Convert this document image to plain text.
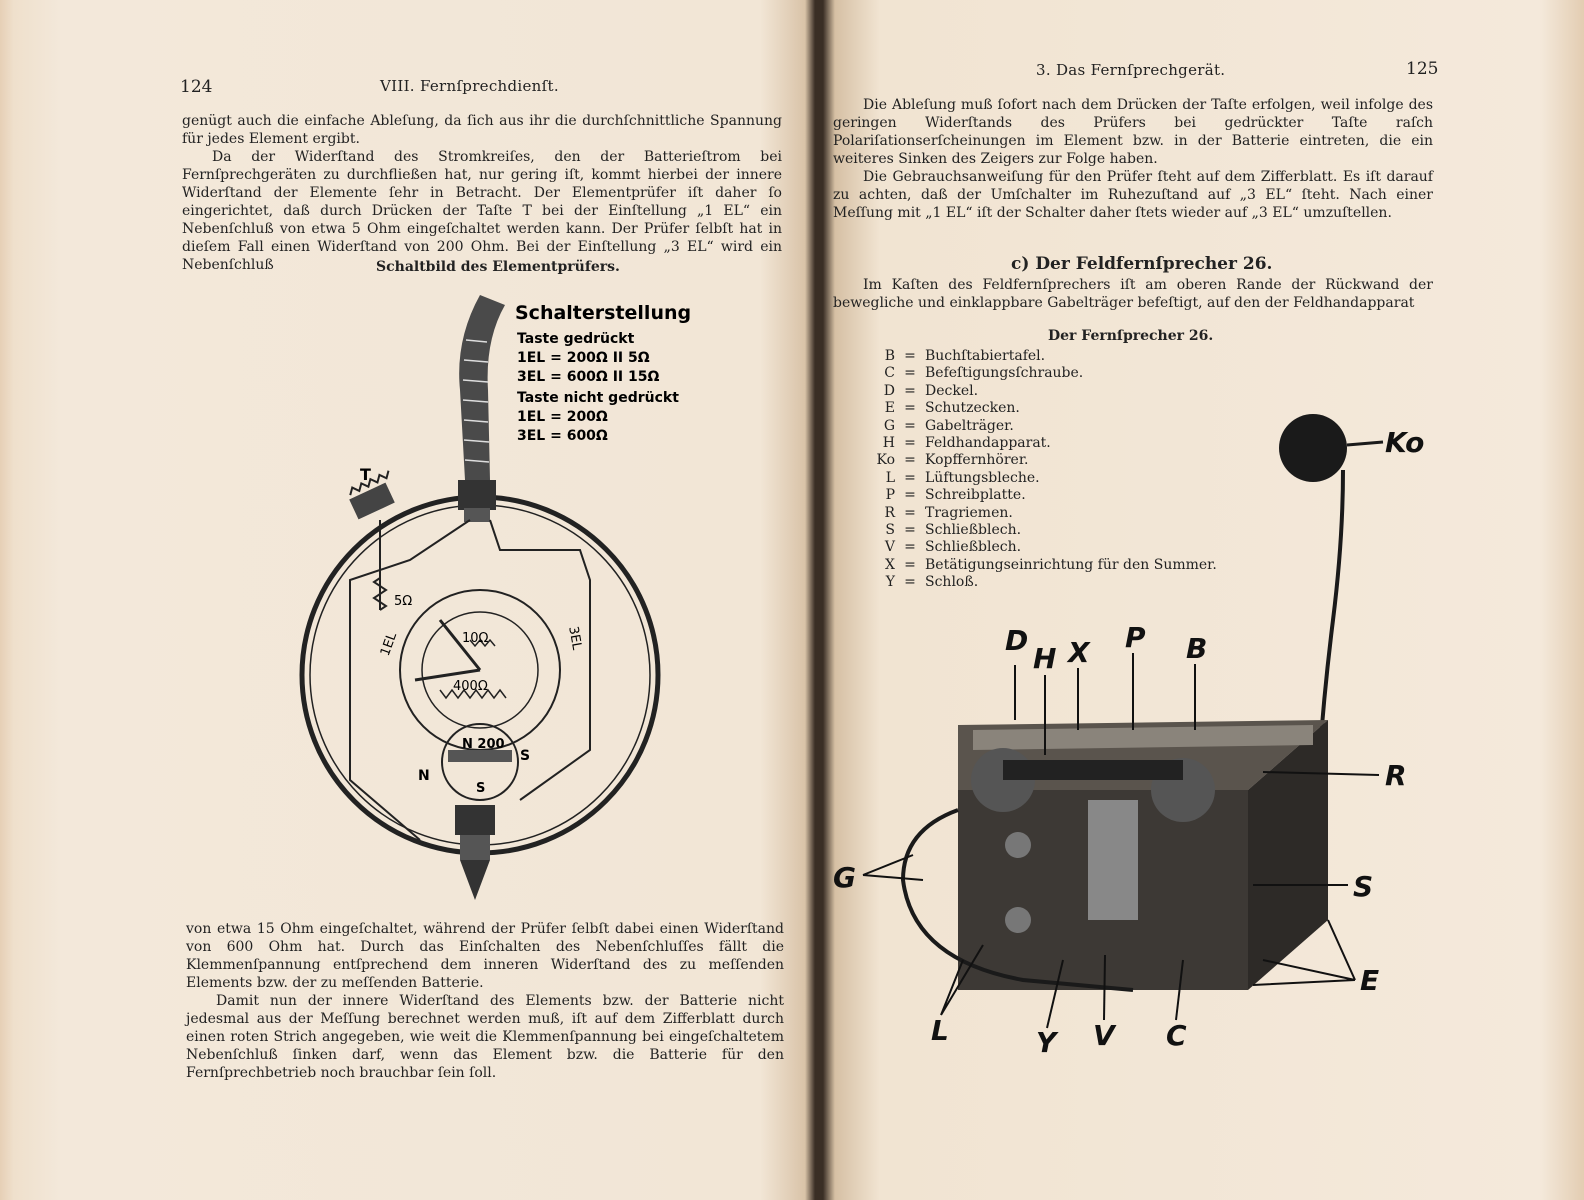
124	VIII. Fernſprechdienſt.

genügt auch die einfache Ableſung, da ſich aus ihr die durchſchnittliche Spannung für jedes Element ergibt.

Da der Widerſtand des Stromkreiſes, den der Batterieſtrom bei Fernſprechgeräten zu durchfließen hat, nur gering iſt, kommt hierbei der innere Widerſtand der Elemente ſehr in Betracht. Der Elementprüfer iſt daher ſo eingerichtet, daß durch Drücken der Taſte T bei der Einſtellung „1 EL“ ein Nebenſchluß von etwa 5 Ohm eingeſchaltet werden kann. Der Prüfer ſelbſt hat in dieſem Fall einen Widerſtand von 200 Ohm. Bei der Einſtellung „3 EL“ wird ein Nebenſchluß	Schaltbild des Elementprüfers.
T
5Ω
10Ω
400Ω
1EL	3EL
N 200
N
S
S
Schalterstellung
Taste gedrückt
1EL = 200Ω II 5Ω
3EL = 600Ω II 15Ω
Taste nicht gedrückt
1EL = 200Ω
3EL = 600Ω

von etwa 15 Ohm eingeſchaltet, während der Prüfer ſelbſt dabei einen Widerſtand von 600 Ohm hat. Durch das Einſchalten des Nebenſchluſſes fällt die Klemmenſpannung entſprechend dem inneren Widerſtand des zu meſſenden Elements bzw. der zu meſſenden Batterie.

Damit nun der innere Widerſtand des Elements bzw. der Batterie nicht jedesmal aus der Meſſung berechnet werden muß, iſt auf dem Zifferblatt durch einen roten Strich angegeben, wie weit die Klemmenſpannung bei eingeſchaltetem Nebenſchluß ſinken darf, wenn das Element bzw. die Batterie für den Fernſprechbetrieb noch brauchbar ſein ſoll.

3. Das Fernſprechgerät.	125

Die Ableſung muß ſofort nach dem Drücken der Taſte erfolgen, weil infolge des geringen Widerſtands des Prüfers bei gedrückter Taſte raſch Polariſationserſcheinungen im Element bzw. in der Batterie eintreten, die ein weiteres Sinken des Zeigers zur Folge haben.

Die Gebrauchsanweiſung für den Prüfer ſteht auf dem Zifferblatt. Es iſt darauf zu achten, daß der Umſchalter im Ruhezuſtand auf „3 EL“ ſteht. Nach einer Meſſung mit „1 EL“ iſt der Schalter daher ſtets wieder auf „3 EL“ umzuſtellen.

c) Der Feldfernſprecher 26.

Im Kaſten des Feldfernſprechers iſt am oberen Rande der Rückwand der bewegliche und einklappbare Gabelträger befeſtigt, auf den der Feldhandapparat

Der Fernſprecher 26.
B = Buchſtabiertafel.
C = Befeſtigungsſchraube.
D = Deckel.
E = Schutzecken.
G = Gabelträger.
H = Feldhandapparat.
Ko = Kopffernhörer.
L = Lüftungsbleche.
P = Schreibplatte.
R = Tragriemen.
S = Schließblech.
V = Schließblech.
X = Betätigungseinrichtung für den Summer.
Y = Schloß.
D
H X P B
Ko
R
G	S
E
L	Y V C
